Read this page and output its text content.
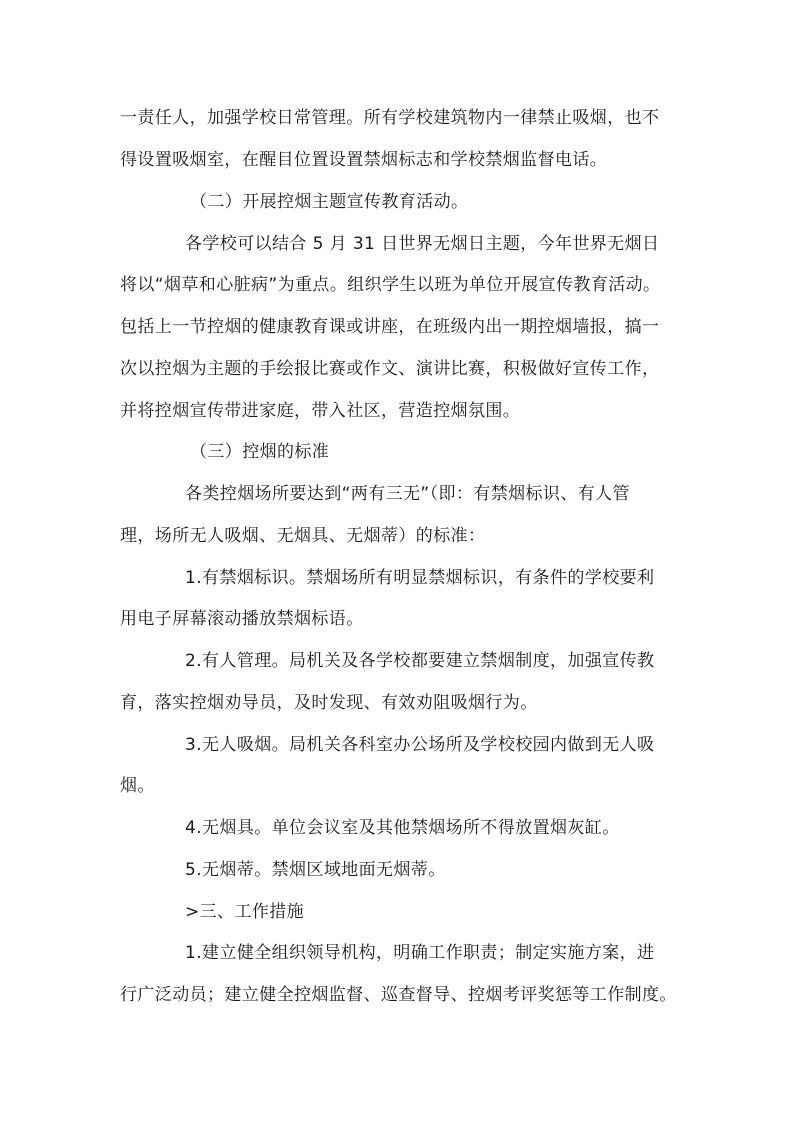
一责任人，加强学校日常管理。所有学校建筑物内一律禁止吸烟，也不
得设置吸烟室，在醒目位置设置禁烟标志和学校禁烟监督电话。
（二）开展控烟主题宣传教育活动。
各学校可以结合 5 月 31 日世界无烟日主题，今年世界无烟日
将以“烟草和心脏病”为重点。组织学生以班为单位开展宣传教育活动。
包括上一节控烟的健康教育课或讲座，在班级内出一期控烟墙报，搞一
次以控烟为主题的手绘报比赛或作文、演讲比赛，积极做好宣传工作，
并将控烟宣传带进家庭，带入社区，营造控烟氛围。
（三）控烟的标准
各类控烟场所要达到“两有三无”（即：有禁烟标识、有人管
理，场所无人吸烟、无烟具、无烟蒂）的标准：
1.有禁烟标识。禁烟场所有明显禁烟标识，有条件的学校要利
用电子屏幕滚动播放禁烟标语。
2.有人管理。局机关及各学校都要建立禁烟制度，加强宣传教
育，落实控烟劝导员，及时发现、有效劝阻吸烟行为。
3.无人吸烟。局机关各科室办公场所及学校校园内做到无人吸
烟。
4.无烟具。单位会议室及其他禁烟场所不得放置烟灰缸。
5.无烟蒂。禁烟区域地面无烟蒂。
>三、工作措施
1.建立健全组织领导机构，明确工作职责；制定实施方案，进
行广泛动员；建立健全控烟监督、巡查督导、控烟考评奖惩等工作制度。
